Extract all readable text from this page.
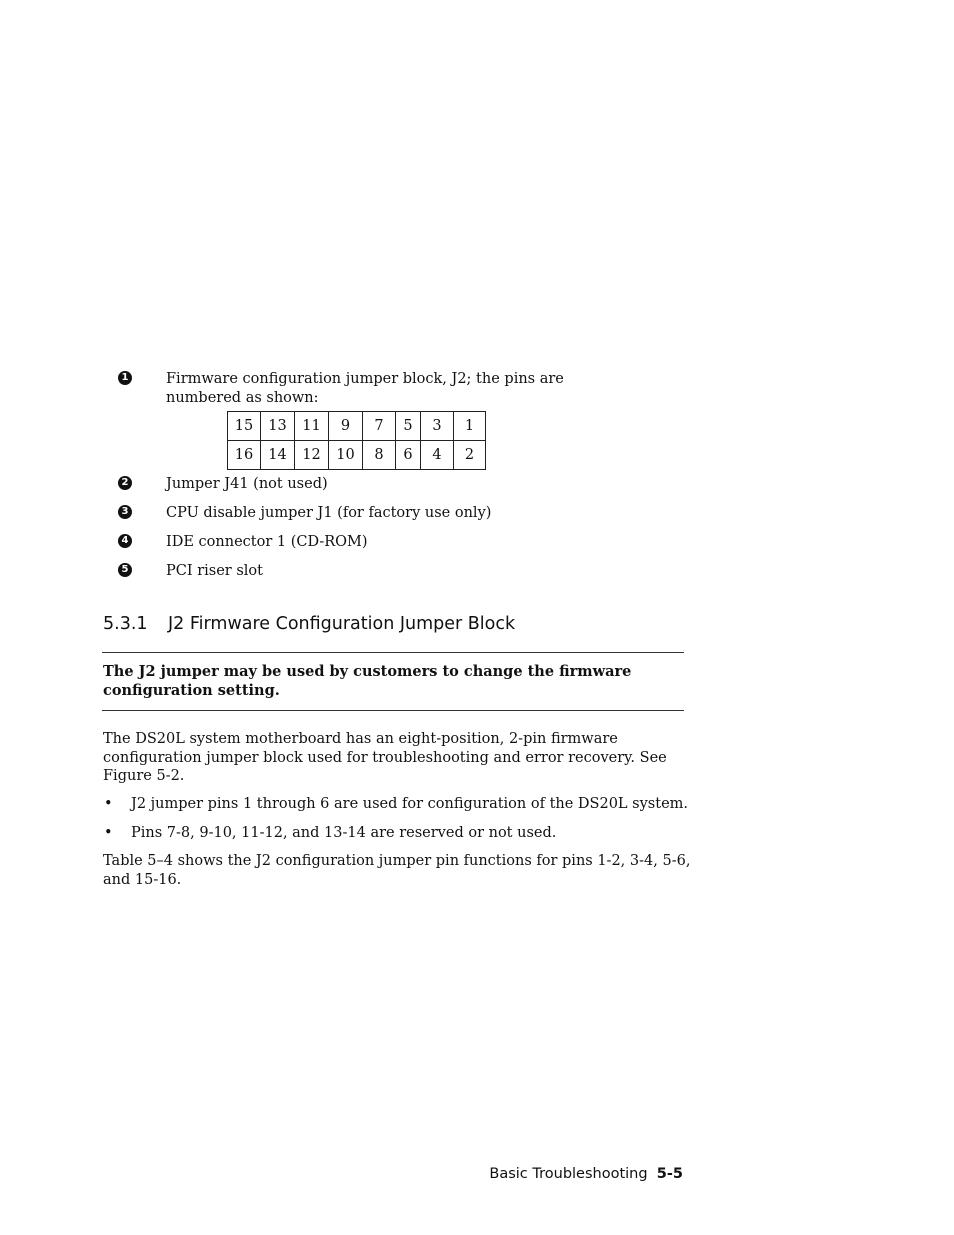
1	Firmware configuration jumper block, J2; the pins are
numbered as shown:
15	13	11	9	7	5	3	1
16	14	12	10	8	6	4	2
2	Jumper J41 (not used)
3	CPU disable jumper J1 (for factory use only)
4	IDE connector 1 (CD-ROM)
5	PCI riser slot
5.3.1 J2 Firmware Configuration Jumper Block
The J2 jumper may be used by customers to change the firmware
configuration setting.
The DS20L system motherboard has an eight-position, 2-pin firmware
configuration jumper block used for troubleshooting and error recovery. See
Figure 5-2.
• J2 jumper pins 1 through 6 are used for configuration of the DS20L system.
• Pins 7-8, 9-10, 11-12, and 13-14 are reserved or not used.
Table 5–4 shows the J2 configuration jumper pin functions for pins 1-2, 3-4, 5-6,
and 15-16.
Basic Troubleshooting 5-5
